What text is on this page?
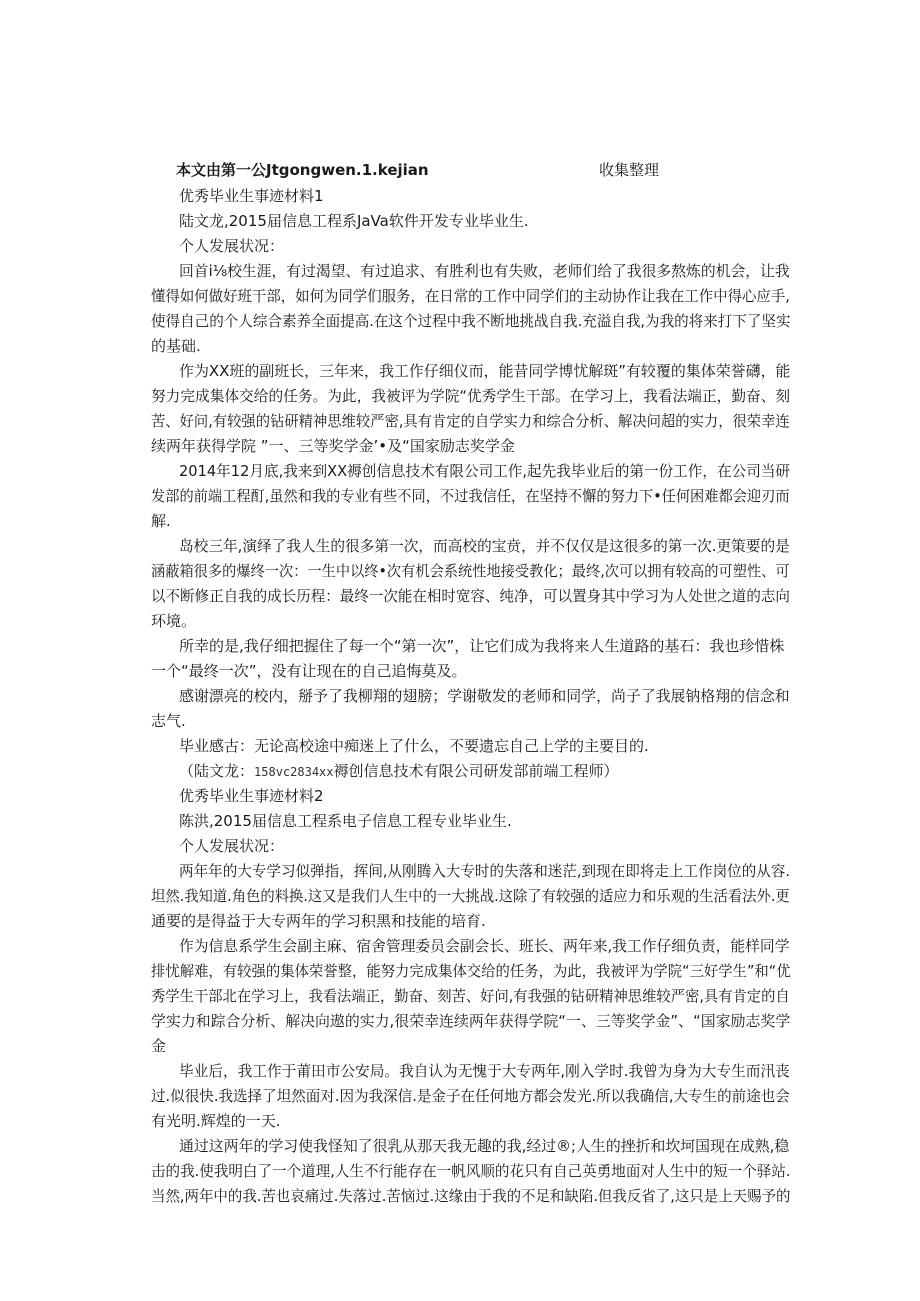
本文由第一公Jtgongwen.1.kejian	收集整理
优秀毕业生事迹材料1
陆文龙,2015届信息工程系JaVa软件开发专业毕业生.
个人发展状况：
回首i⅛校生涯，有过渴望、有过追求、有胜利也有失败，老师们给了我很多熬炼的机会，让我
懂得如何做好班干部，如何为同学们服务，在日常的工作中同学们的主动协作让我在工作中得心应手,
使得自己的个人综合素养全面提高.在这个过程中我不断地挑战自我.充溢自我,为我的将来打下了坚实
的基础.
作为XX班的副班长，三年来，我工作仔细仪而，能昔同学博忧解斑”有较覆的集体荣誉礴，能
努力完成集体交给的任务。为此，我被评为学院“优秀学生干部。在学习上，我看法端正，勤奋、刻
苦、好问,有较强的钻研精神思维较严密,具有肯定的自学实力和综合分析、解决问超的实力，很荣幸连
续两年获得学院 ”一、三等奖学金’•及“国家励志奖学金
2014年12月底,我来到XX褥创信息技术有限公司工作,起先我毕业后的第一份工作，在公司当研
发部的前端工程酊,虽然和我的专业有些不同，不过我信任，在坚持不懈的努力下•任何困难都会迎刃而
解.
岛校三年,演绎了我人生的很多第一次，而高校的宝贲，并不仅仅是这很多的第一次.更策要的是
涵蔽箱很多的爆终一次：一生中以终•次有机会系统性地接受教化；最终,次可以拥有较高的可塑性、可
以不断修正自我的成长历程：最终一次能在相时宽容、纯净，可以置身其中学习为人处世之道的志向
环境。
所幸的是,我仔细把握住了每一个“第一次”，让它们成为我将来人生道路的基石：我也珍惜株
一个“最终一次”，没有让现在的自己追悔莫及。
感谢漂亮的校内，掰予了我柳翔的翅膀；学谢敬发的老师和同学，尚子了我展钠格翔的信念和
志气.
毕业感古：无论高校途中痴迷上了什么，不要遗忘自己上学的主要目的.
（陆文龙：158vc2834xx褥创信息技术有限公司研发部前端工程师）
优秀毕业生事迹材料2
陈洪,2015届信息工程系电子信息工程专业毕业生.
个人发展状况：
两年年的大专学习似弹指，挥间,从刚腾入大专时的失落和迷茫,到现在即将走上工作岗位的从容.
坦然.我知道.角色的料换.这又是我们人生中的一大挑战.这除了有较强的适应力和乐观的生活看法外.更
通要的是得益于大专两年的学习积黑和技能的培育.
作为信息系学生会副主麻、宿舍管理委员会副会长、班长、两年来,我工作仔细负责，能样同学
排忧解难，有较强的集体荣誉整，能努力完成集体交给的任务，为此，我被评为学院“三好学生”和“优
秀学生干部北在学习上，我看法端正，勤奋、刻苦、好问,有我强的钻研精神思维较严密,具有肯定的自
学实力和踪合分析、解决向遨的实力,很荣幸连续两年获得学院“一、三等奖学金”、“国家励志奖学
金
毕业后，我工作于莆田市公安局。我自认为无愧于大专两年,刚入学时.我曾为身为大专生而汛丧
过.似很快.我选择了坦然面对.因为我深信.是金子在任何地方都会发光.所以我确信,大专生的前途也会
有光明.辉煌的一天.
通过这两年的学习使我怪知了很乳从那天我无趣的我,经过®;人生的挫折和坎坷国现在成熟,稳
击的我.使我明白了一个道理,人生不行能存在一帆风顺的花只有自己英勇地面对人生中的短一个驿站.
当然,两年中的我.苦也哀痛过.失落过.苦恼过.这缘由于我的不足和缺陷.但我反省了,这只是上天赐予的
